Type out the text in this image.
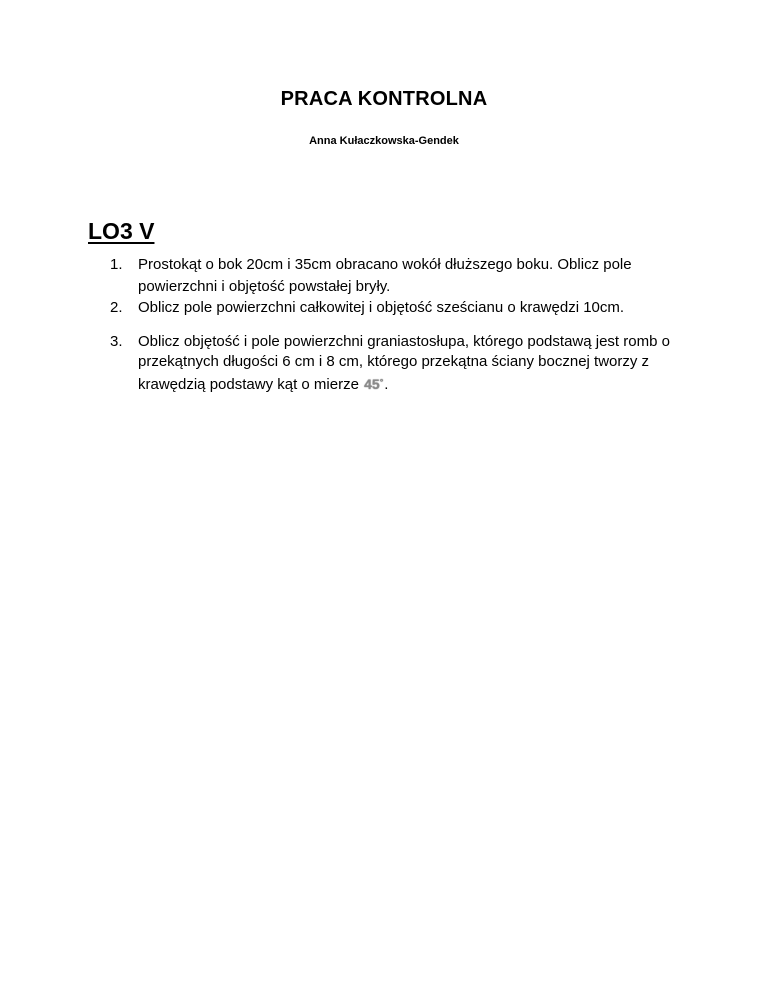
PRACA KONTROLNA
Anna Kułaczkowska-Gendek
LO3 V
1.	Prostokąt o bok 20cm i 35cm obracano wokół dłuższego boku. Oblicz pole powierzchni i objętość powstałej bryły.
2.	Oblicz pole powierzchni całkowitej i objętość sześcianu o krawędzi 10cm.
3.	Oblicz objętość i pole powierzchni graniastosłupa, którego podstawą jest romb o przekątnych długości 6 cm i 8 cm, którego przekątna ściany bocznej tworzy z krawędzią podstawy kąt o mierze 45°.
